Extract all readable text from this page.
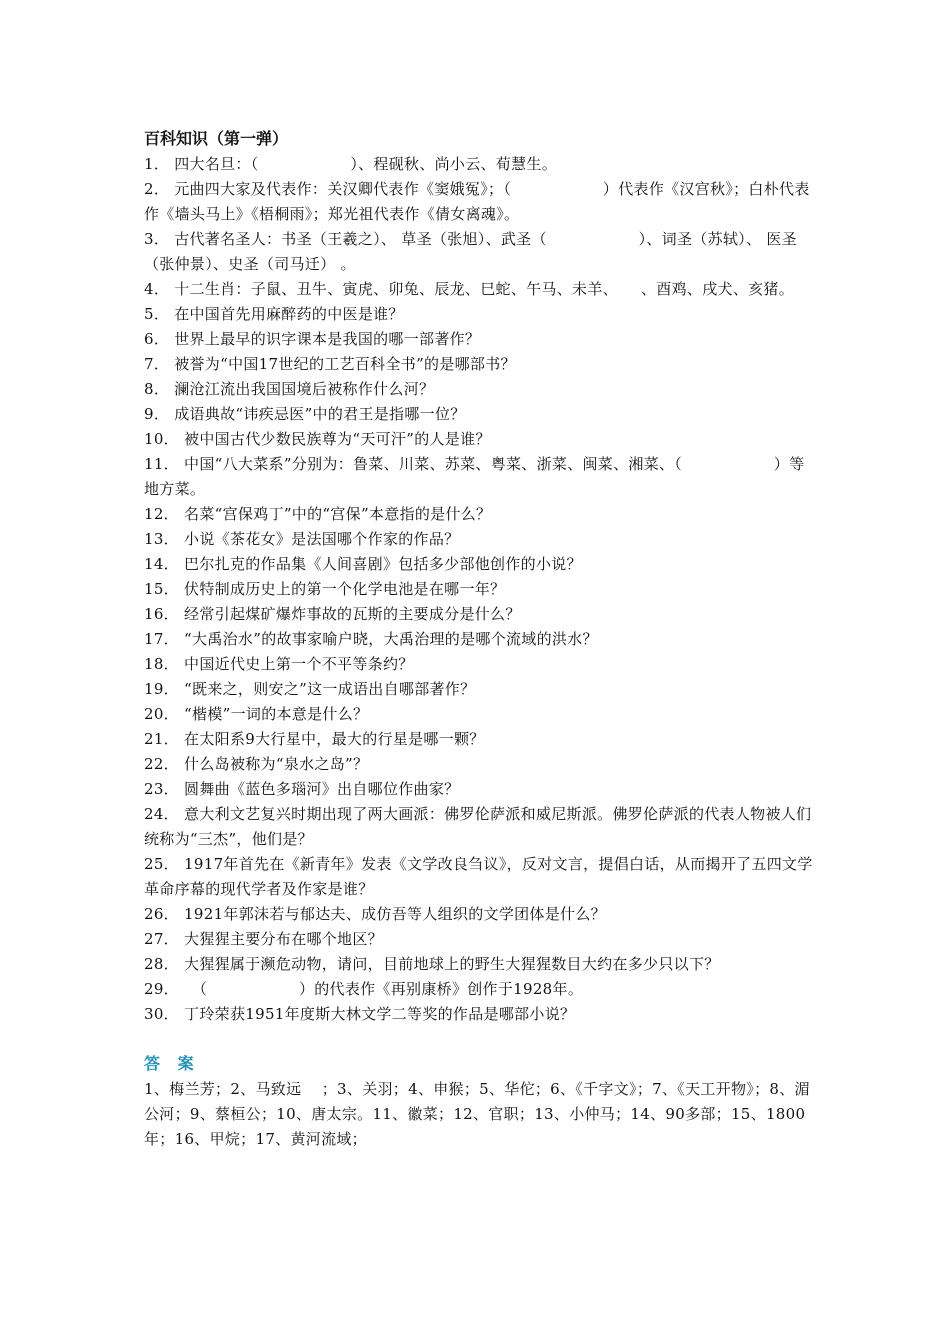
百科知识（第一弹）
1． 四大名旦：（　　　　　　）、程砚秋、尚小云、荀慧生。
2． 元曲四大家及代表作：关汉卿代表作《窦娥冤》；（　　　　　　）代表作《汉宫秋》；白朴代表作《墙头马上》《梧桐雨》；郑光祖代表作《倩女离魂》。
3． 古代著名圣人：书圣（王羲之）、 草圣（张旭）、武圣（　　　　　　）、词圣（苏轼）、 医圣（张仲景）、史圣（司马迁） 。
4． 十二生肖：子鼠、丑牛、寅虎、卯兔、辰龙、巳蛇、午马、未羊、　　、酉鸡、戌犬、亥猪。
5． 在中国首先用麻醉药的中医是谁？
6． 世界上最早的识字课本是我国的哪一部著作？
7． 被誉为“中国17世纪的工艺百科全书”的是哪部书？
8． 澜沧江流出我国国境后被称作什么河？
9． 成语典故“讳疾忌医”中的君王是指哪一位？
10． 被中国古代少数民族尊为“天可汗”的人是谁？
11． 中国“八大菜系”分别为：鲁菜、川菜、苏菜、粤菜、浙菜、闽菜、湘菜、（　　　　　　）等地方菜。
12． 名菜“宫保鸡丁”中的“宫保”本意指的是什么？
13． 小说《茶花女》是法国哪个作家的作品？
14． 巴尔扎克的作品集《人间喜剧》包括多少部他创作的小说？
15． 伏特制成历史上的第一个化学电池是在哪一年？
16． 经常引起煤矿爆炸事故的瓦斯的主要成分是什么？
17． “大禹治水”的故事家喻户晓，大禹治理的是哪个流域的洪水？
18． 中国近代史上第一个不平等条约？
19． “既来之，则安之”这一成语出自哪部著作？
20． “楷模”一词的本意是什么？
21． 在太阳系9大行星中，最大的行星是哪一颗？
22． 什么岛被称为“泉水之岛”？
23． 圆舞曲《蓝色多瑙河》出自哪位作曲家？
24． 意大利文艺复兴时期出现了两大画派：佛罗伦萨派和威尼斯派。佛罗伦萨派的代表人物被人们统称为“三杰”，他们是？
25． 1917年首先在《新青年》发表《文学改良刍议》，反对文言，提倡白话，从而揭开了五四文学革命序幕的现代学者及作家是谁？
26． 1921年郭沫若与郁达夫、成仿吾等人组织的文学团体是什么？
27． 大猩猩主要分布在哪个地区？
28． 大猩猩属于濒危动物，请问，目前地球上的野生大猩猩数目大约在多少只以下？
29． 　（　　　　　　）的代表作《再别康桥》创作于1928年。
30． 丁玲荣获1951年度斯大林文学二等奖的作品是哪部小说？
答 案
1、梅兰芳；2、马致远　 ；3、关羽；4、申猴；5、华佗；6、《千字文》；7、《天工开物》；8、湄公河；9、蔡桓公；10、唐太宗。11、徽菜；12、官职；13、小仲马；14、90多部；15、1800年；16、甲烷；17、黄河流域；
